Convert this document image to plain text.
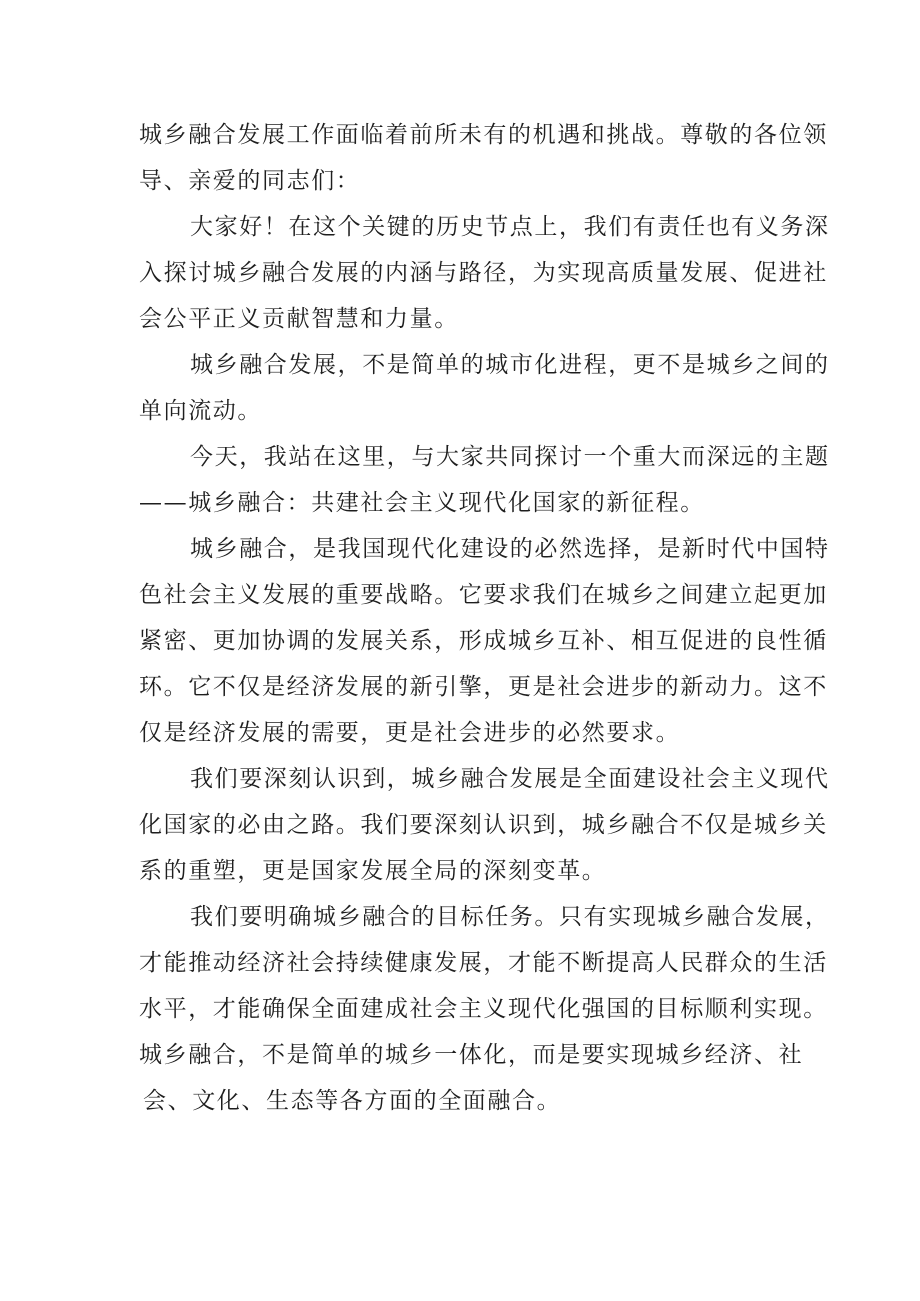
城乡融合发展工作面临着前所未有的机遇和挑战。尊敬的各位领
导、亲爱的同志们：
大家好！在这个关键的历史节点上，我们有责任也有义务深
入探讨城乡融合发展的内涵与路径，为实现高质量发展、促进社
会公平正义贡献智慧和力量。
城乡融合发展，不是简单的城市化进程，更不是城乡之间的
单向流动。
今天，我站在这里，与大家共同探讨一个重大而深远的主题
——城乡融合：共建社会主义现代化国家的新征程。
城乡融合，是我国现代化建设的必然选择，是新时代中国特
色社会主义发展的重要战略。它要求我们在城乡之间建立起更加
紧密、更加协调的发展关系，形成城乡互补、相互促进的良性循
环。它不仅是经济发展的新引擎，更是社会进步的新动力。这不
仅是经济发展的需要，更是社会进步的必然要求。
我们要深刻认识到，城乡融合发展是全面建设社会主义现代
化国家的必由之路。我们要深刻认识到，城乡融合不仅是城乡关
系的重塑，更是国家发展全局的深刻变革。
我们要明确城乡融合的目标任务。只有实现城乡融合发展，
才能推动经济社会持续健康发展，才能不断提高人民群众的生活
水平，才能确保全面建成社会主义现代化强国的目标顺利实现。
城乡融合，不是简单的城乡一体化，而是要实现城乡经济、社
会、文化、生态等各方面的全面融合。
